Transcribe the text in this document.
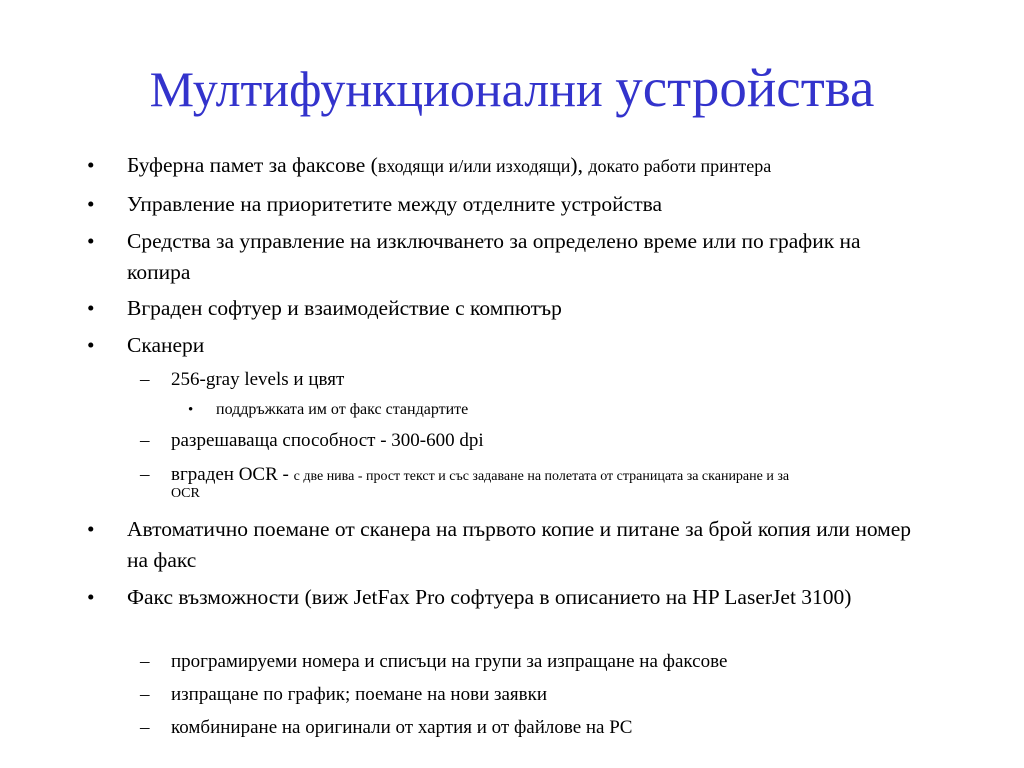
Мултифункционални устройства
• Буферна памет за факсове (входящи и/или изходящи), докато работи принтера
• Управление на приоритетите между отделните устройства
• Средства за управление на изключването за определено време или по график на копира
• Вграден софтуер и взаимодействие с компютър
• Сканери
– 256-gray levels и цвят
• поддръжката им от факс стандартите
– разрешаваща способност - 300-600 dpi
– вграден OCR - с две нива - прост текст и със задаване на полетата от страницата за сканиране и за
OCR
• Автоматично поемане от сканера на първото копие и питане за брой копия или номер на факс
• Факс възможности (виж JetFax Pro софтуера в описанието на HP LaserJet 3100)
– програмируеми номера и списъци на групи за изпращане на факсове
– изпращане по график; поемане на нови заявки
– комбиниране на оригинали от хартия и от файлове на PC
